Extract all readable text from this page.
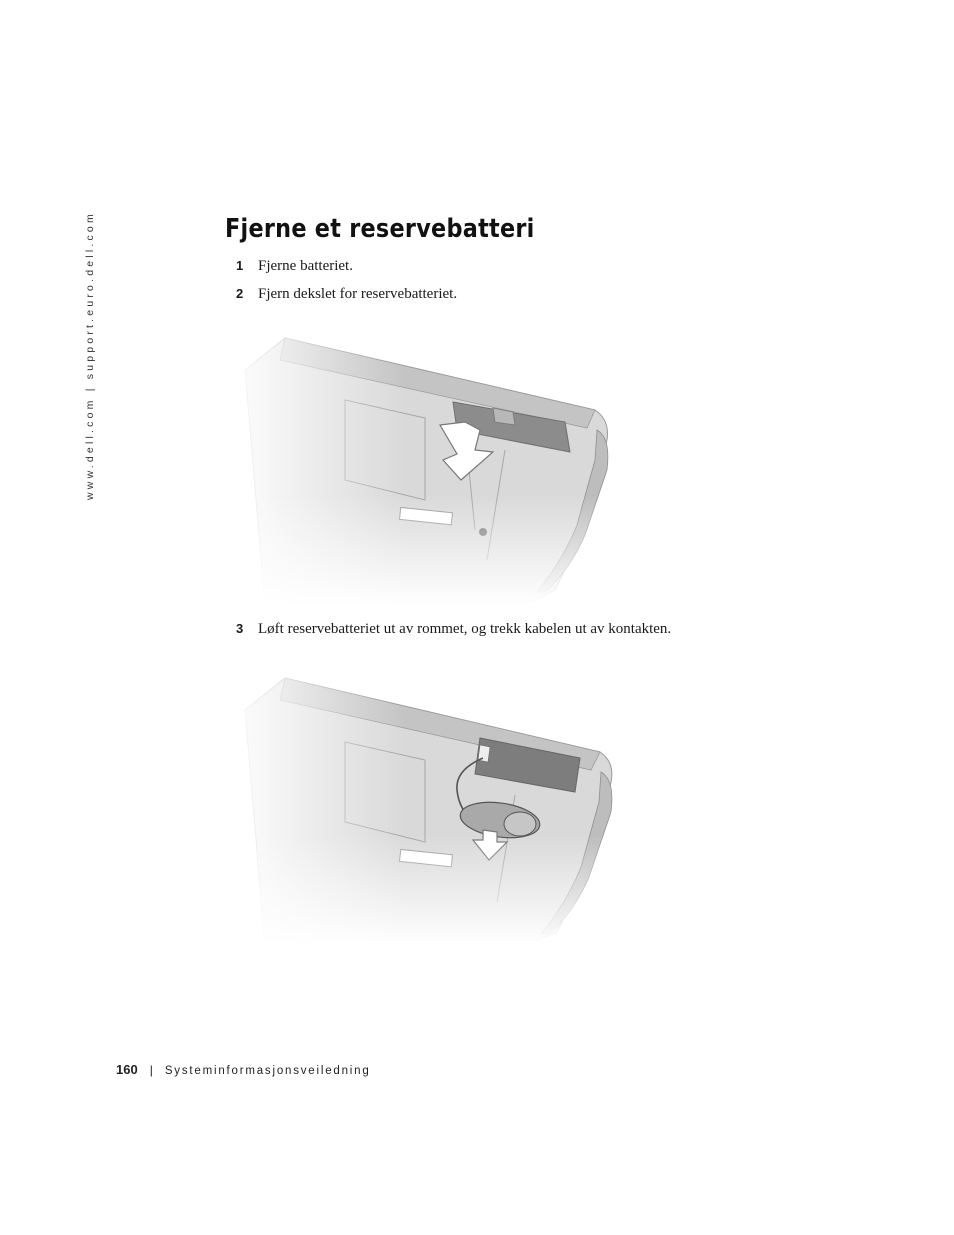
www.dell.com | support.euro.dell.com	Fjerne et reservebatteri
1 Fjerne batteriet.
2 Fjern dekslet for reservebatteriet.
3 Løft reservebatteriet ut av rommet, og trekk kabelen ut av kontakten.
160 | Systeminformasjonsveiledning
